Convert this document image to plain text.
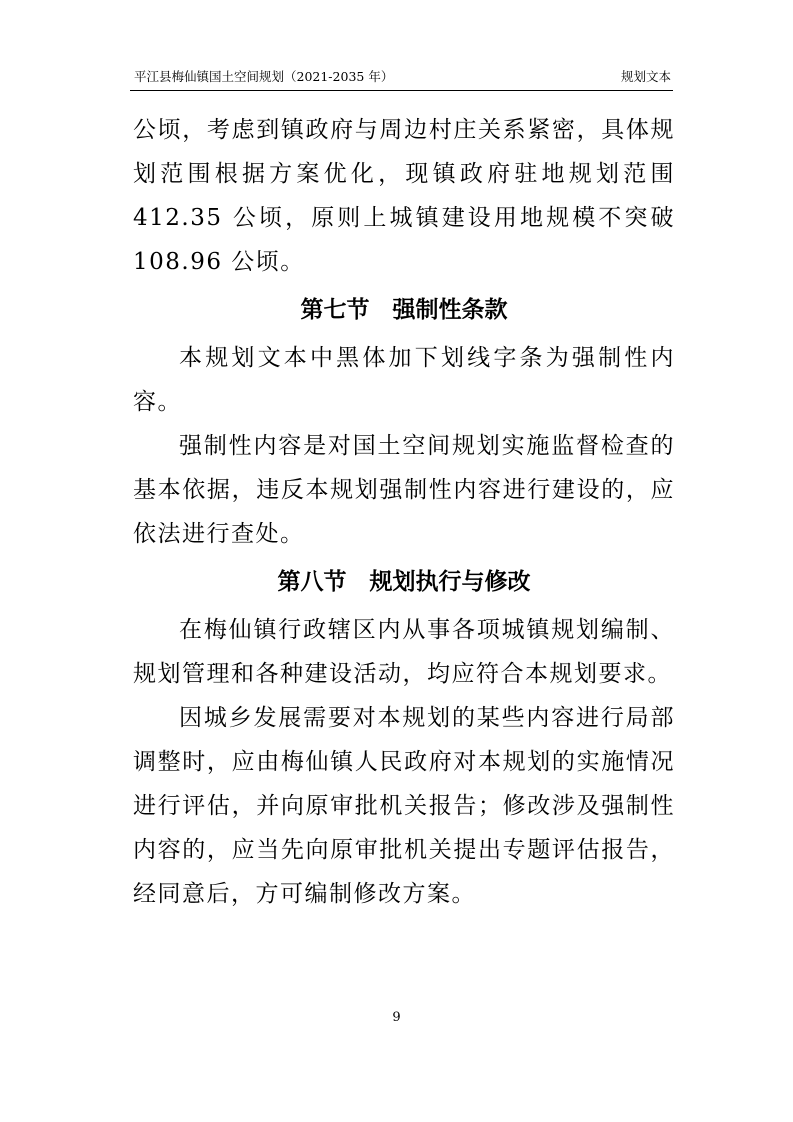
平江县梅仙镇国土空间规划（2021-2035 年）	规划文本

公顷，考虑到镇政府与周边村庄关系紧密，具体规划范围根据方案优化，现镇政府驻地规划范围 412.35 公顷，原则上城镇建设用地规模不突破 108.96 公顷。

第七节　强制性条款

本规划文本中黑体加下划线字条为强制性内容。

强制性内容是对国土空间规划实施监督检查的基本依据，违反本规划强制性内容进行建设的，应依法进行查处。

第八节　规划执行与修改

在梅仙镇行政辖区内从事各项城镇规划编制、规划管理和各种建设活动，均应符合本规划要求。

因城乡发展需要对本规划的某些内容进行局部调整时，应由梅仙镇人民政府对本规划的实施情况进行评估，并向原审批机关报告；修改涉及强制性内容的，应当先向原审批机关提出专题评估报告，经同意后，方可编制修改方案。

9
